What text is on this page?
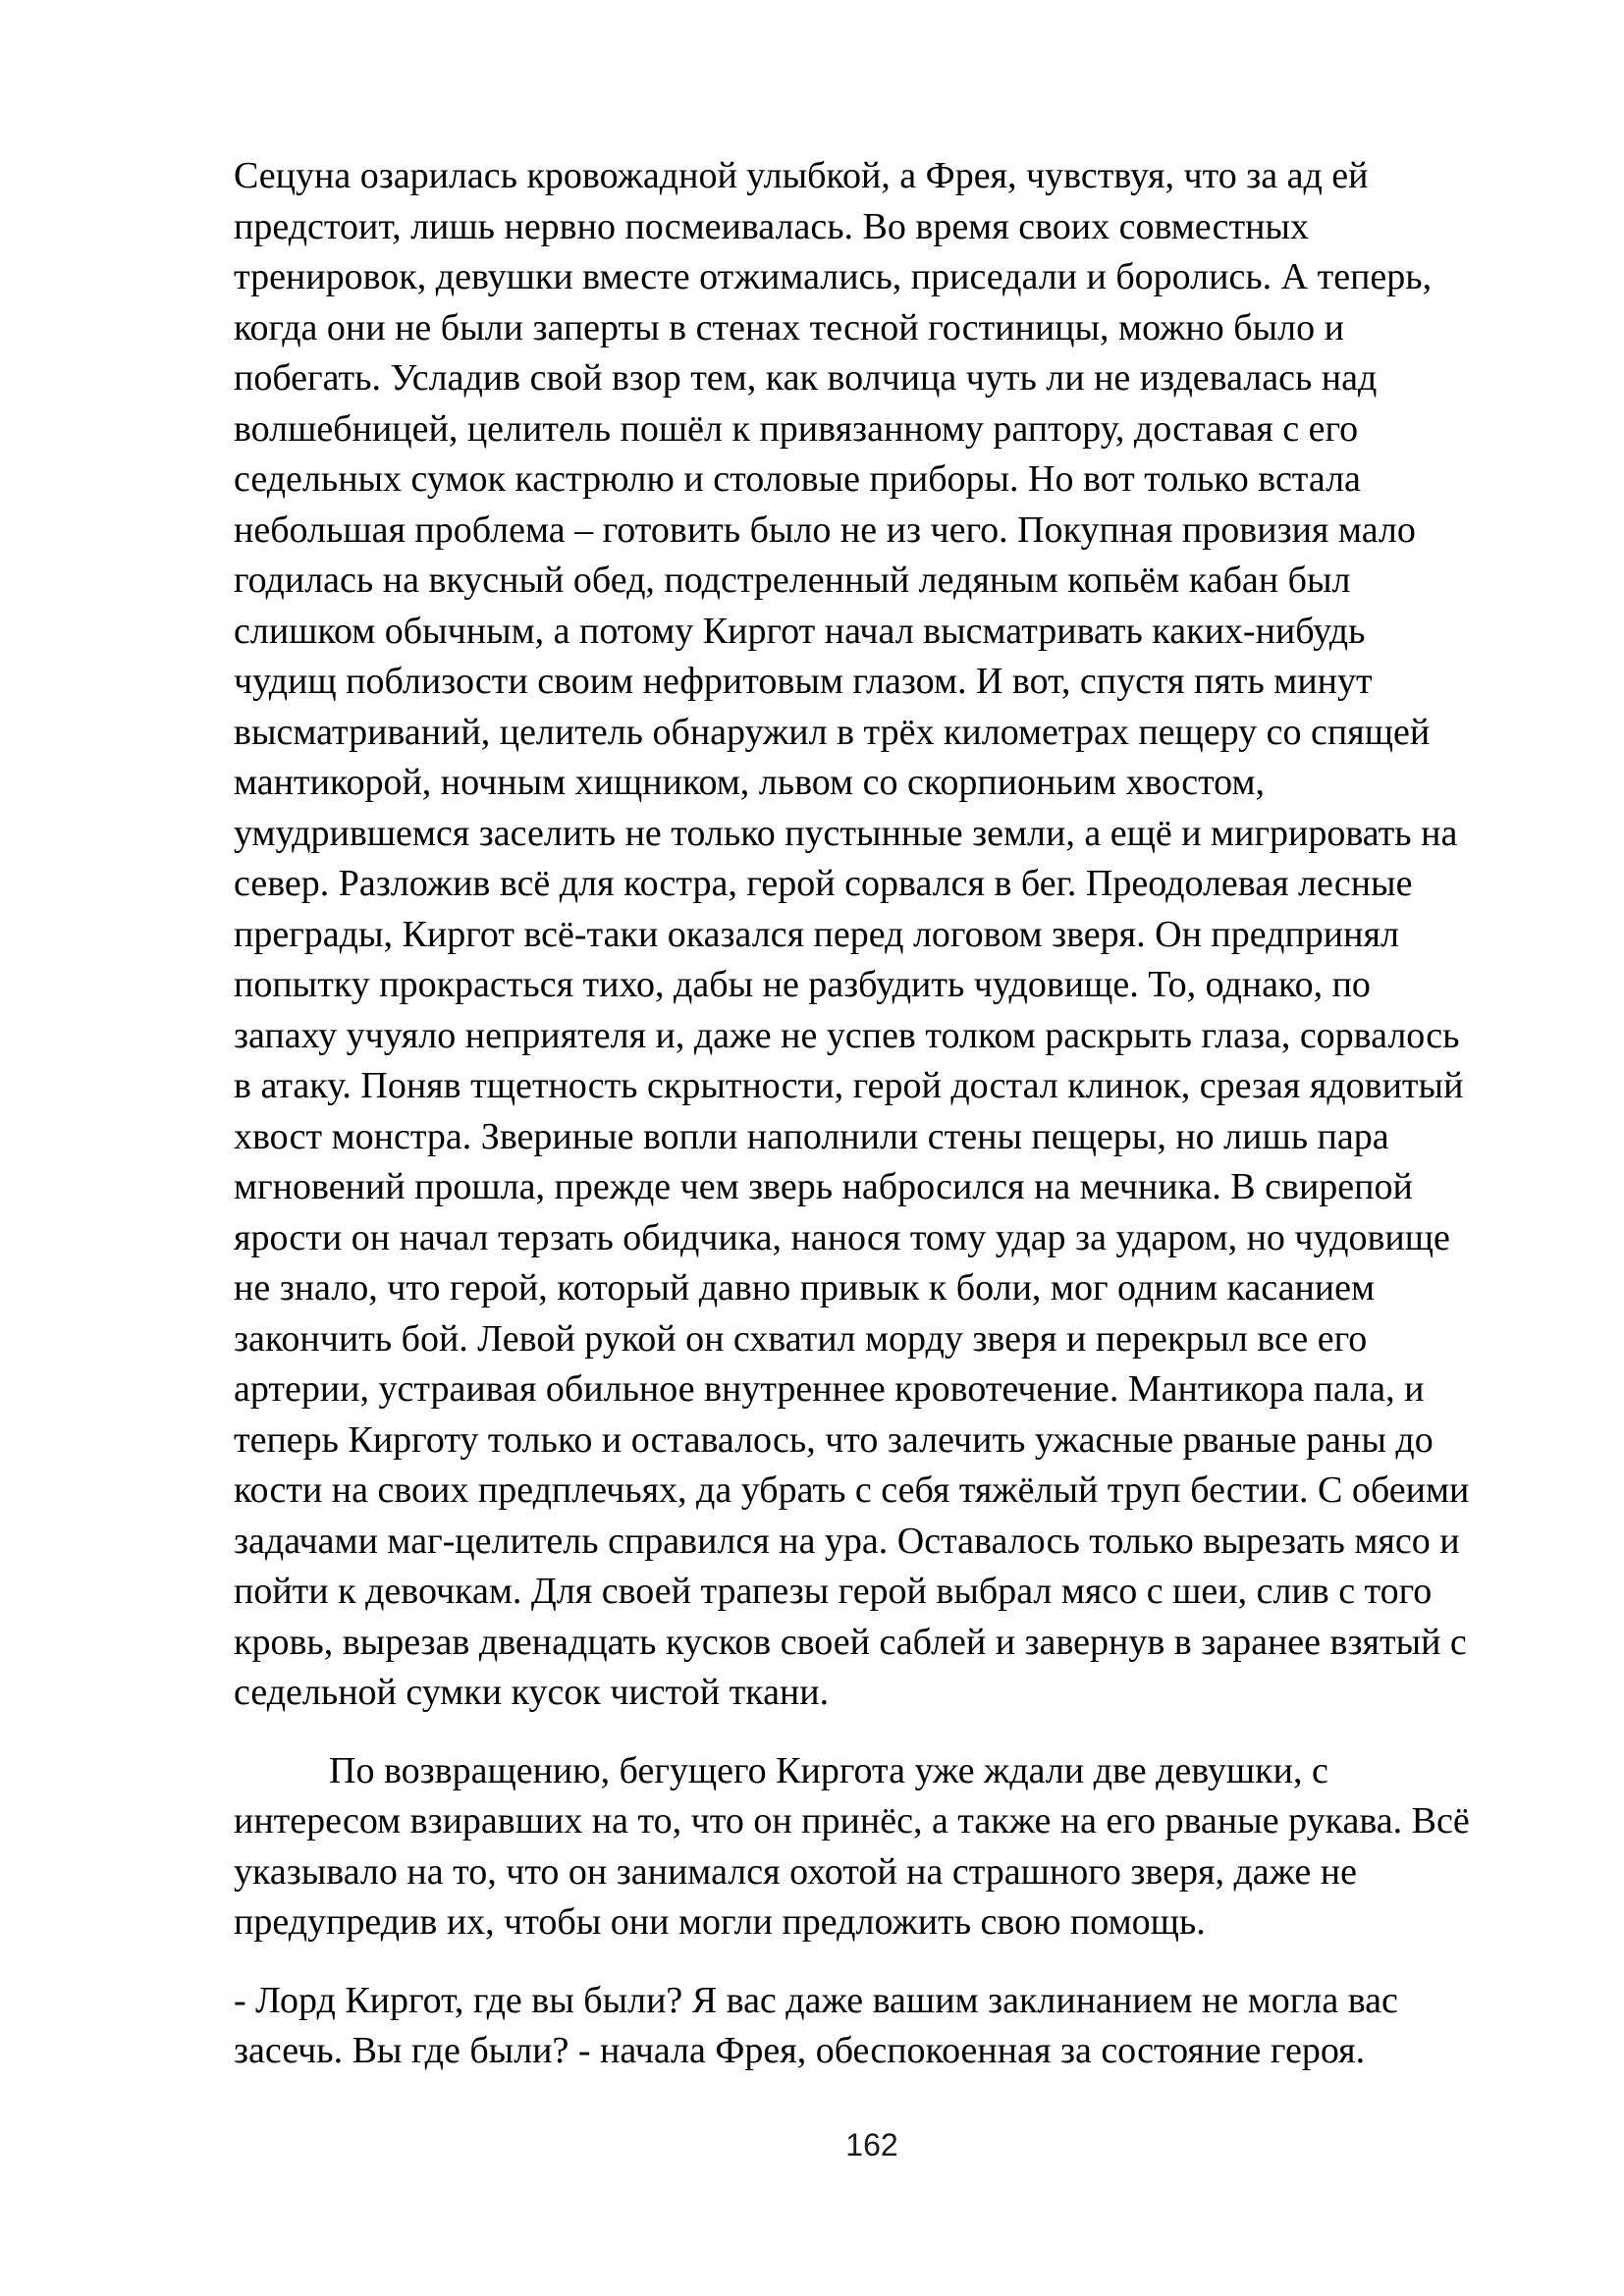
Сецуна озарилась кровожадной улыбкой, а Фрея, чувствуя, что за ад ей
предстоит, лишь нервно посмеивалась. Во время своих совместных
тренировок, девушки вместе отжимались, приседали и боролись. А теперь,
когда они не были заперты в стенах тесной гостиницы, можно было и
побегать. Усладив свой взор тем, как волчица чуть ли не издевалась над
волшебницей, целитель пошёл к привязанному раптору, доставая с его
седельных сумок кастрюлю и столовые приборы. Но вот только встала
небольшая проблема – готовить было не из чего. Покупная провизия мало
годилась на вкусный обед, подстреленный ледяным копьём кабан был
слишком обычным, а потому Киргот начал высматривать каких-нибудь
чудищ поблизости своим нефритовым глазом. И вот, спустя пять минут
высматриваний, целитель обнаружил в трёх километрах пещеру со спящей
мантикорой, ночным хищником, львом со скорпионьим хвостом,
умудрившемся заселить не только пустынные земли, а ещё и мигрировать на
север. Разложив всё для костра, герой сорвался в бег. Преодолевая лесные
преграды, Киргот всё-таки оказался перед логовом зверя. Он предпринял
попытку прокрасться тихо, дабы не разбудить чудовище. То, однако, по
запаху учуяло неприятеля и, даже не успев толком раскрыть глаза, сорвалось
в атаку. Поняв тщетность скрытности, герой достал клинок, срезая ядовитый
хвост монстра. Звериные вопли наполнили стены пещеры, но лишь пара
мгновений прошла, прежде чем зверь набросился на мечника. В свирепой
ярости он начал терзать обидчика, нанося тому удар за ударом, но чудовище
не знало, что герой, который давно привык к боли, мог одним касанием
закончить бой. Левой рукой он схватил морду зверя и перекрыл все его
артерии, устраивая обильное внутреннее кровотечение. Мантикора пала, и
теперь Кирготу только и оставалось, что залечить ужасные рваные раны до
кости на своих предплечьях, да убрать с себя тяжёлый труп бестии. С обеими
задачами маг-целитель справился на ура. Оставалось только вырезать мясо и
пойти к девочкам. Для своей трапезы герой выбрал мясо с шеи, слив с того
кровь, вырезав двенадцать кусков своей саблей и завернув в заранее взятый с
седельной сумки кусок чистой ткани.
По возвращению, бегущего Киргота уже ждали две девушки, с
интересом взиравших на то, что он принёс, а также на его рваные рукава. Всё
указывало на то, что он занимался охотой на страшного зверя, даже не
предупредив их, чтобы они могли предложить свою помощь.
- Лорд Киргот, где вы были? Я вас даже вашим заклинанием не могла вас
засечь. Вы где были? - начала Фрея, обеспокоенная за состояние героя.
162
